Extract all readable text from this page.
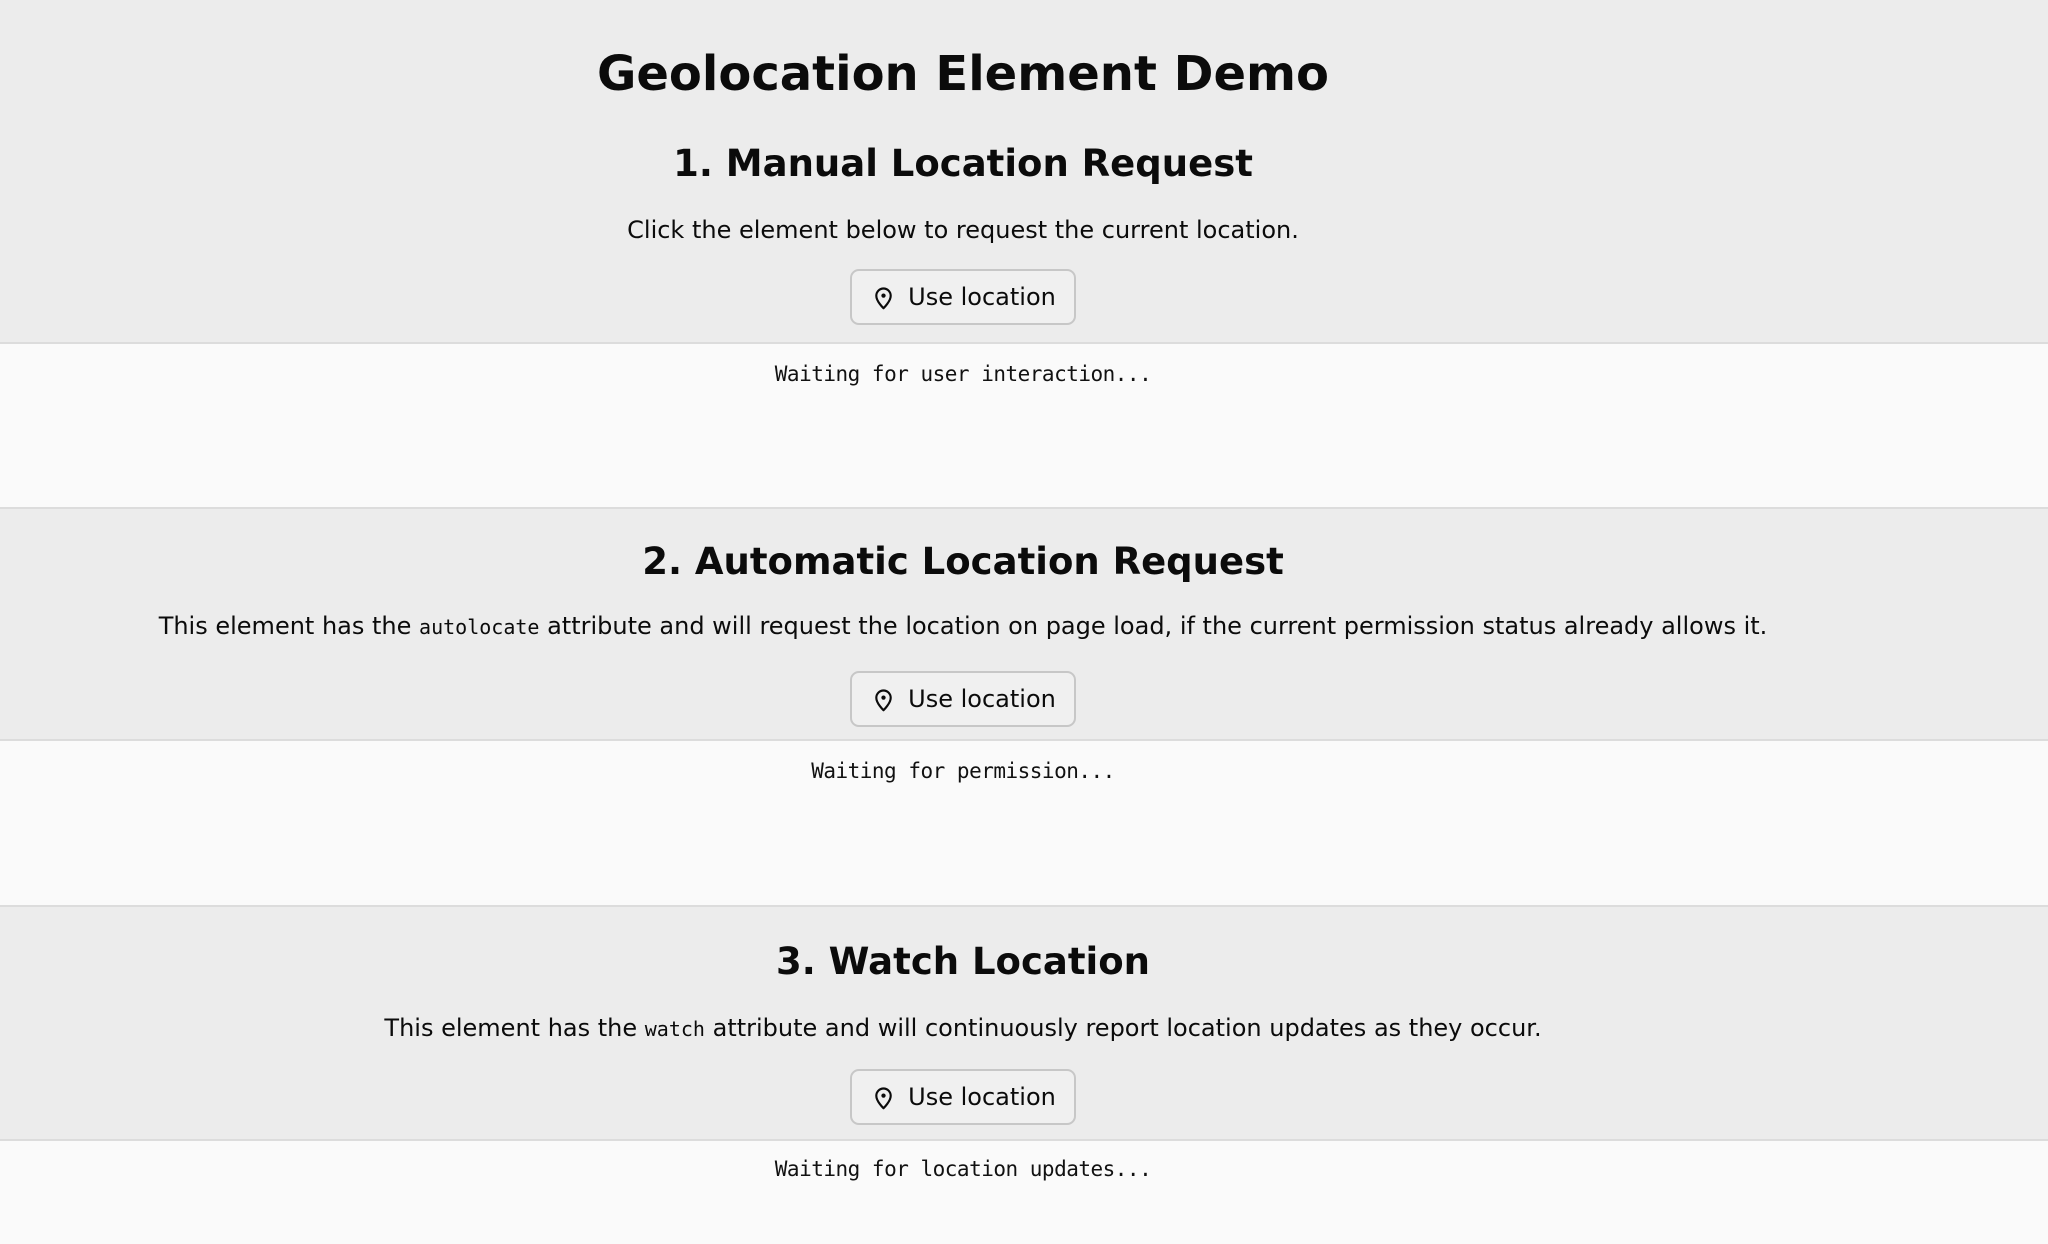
Geolocation Element Demo
1. Manual Location Request

Click the element below to request the current location.

Use location
Waiting for user interaction...
2. Automatic Location Request

This element has the autolocate attribute and will request the location on page load, if the current permission status already allows it.

Use location
Waiting for permission...
3. Watch Location

This element has the watch attribute and will continuously report location updates as they occur.

Use location
Waiting for location updates...
